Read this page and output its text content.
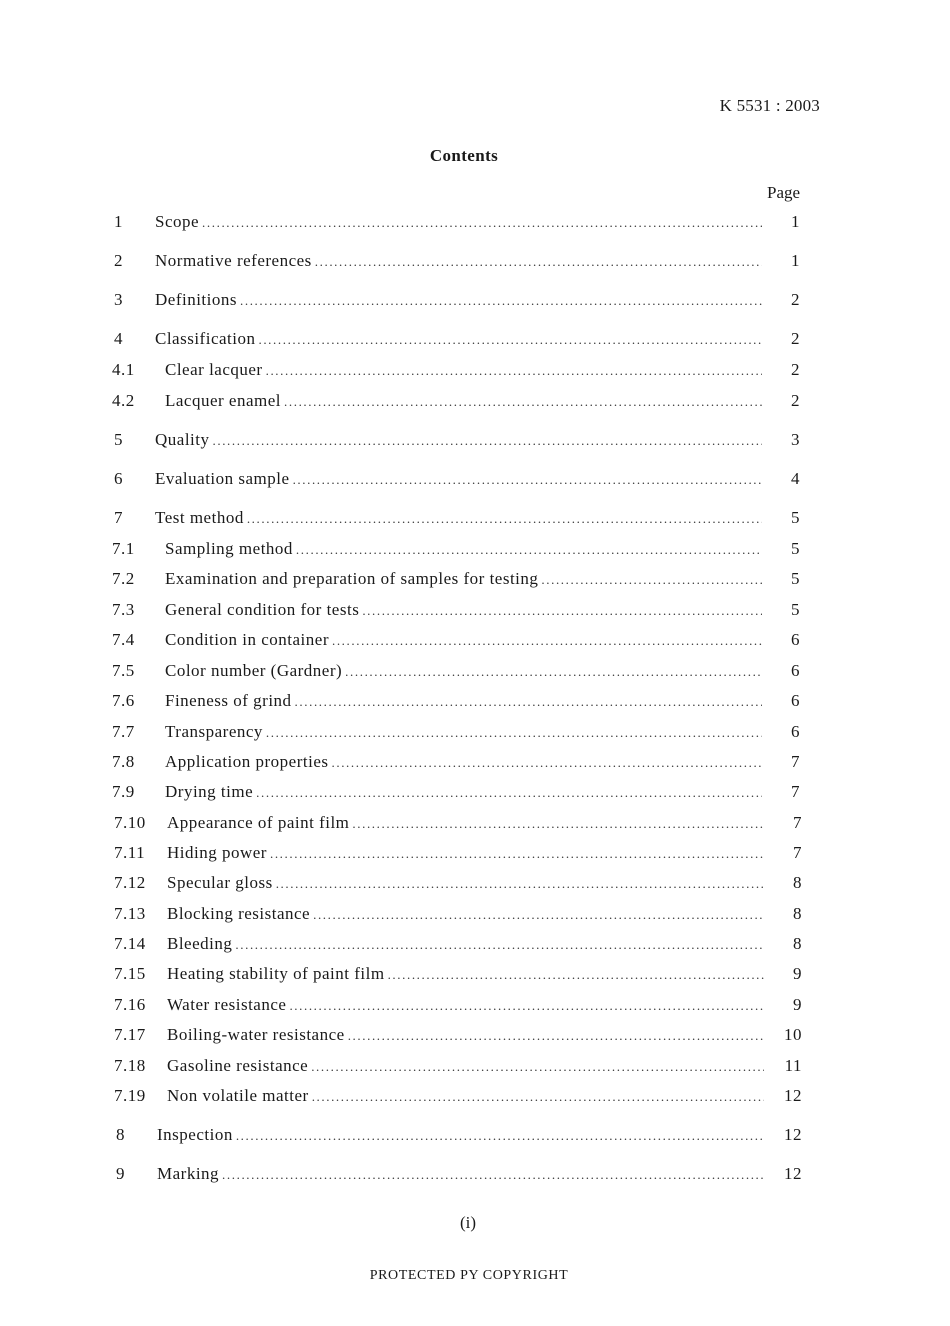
K 5531 : 2003
Contents
Page
1 Scope .....	1
2 Normative references .....	1
3 Definitions .....	2
4 Classification .....	2
4.1 Clear lacquer .....	2
4.2 Lacquer enamel .....	2
5 Quality .....	3
6 Evaluation sample .....	4
7 Test method .....	5
7.1 Sampling method .....	5
7.2 Examination and preparation of samples for testing .....	5
7.3 General condition for tests .....	5
7.4 Condition in container .....	6
7.5 Color number (Gardner) .....	6
7.6 Fineness of grind .....	6
7.7 Transparency .....	6
7.8 Application properties .....	7
7.9 Drying time .....	7
7.10 Appearance of paint film .....	7
7.11 Hiding power .....	7
7.12 Specular gloss .....	8
7.13 Blocking resistance .....	8
7.14 Bleeding .....	8
7.15 Heating stability of paint film .....	9
7.16 Water resistance .....	9
7.17 Boiling-water resistance .....	10
7.18 Gasoline resistance .....	11
7.19 Non volatile matter .....	12
8 Inspection .....	12
9 Marking .....	12
(i)
PROTECTED PY COPYRIGHT
